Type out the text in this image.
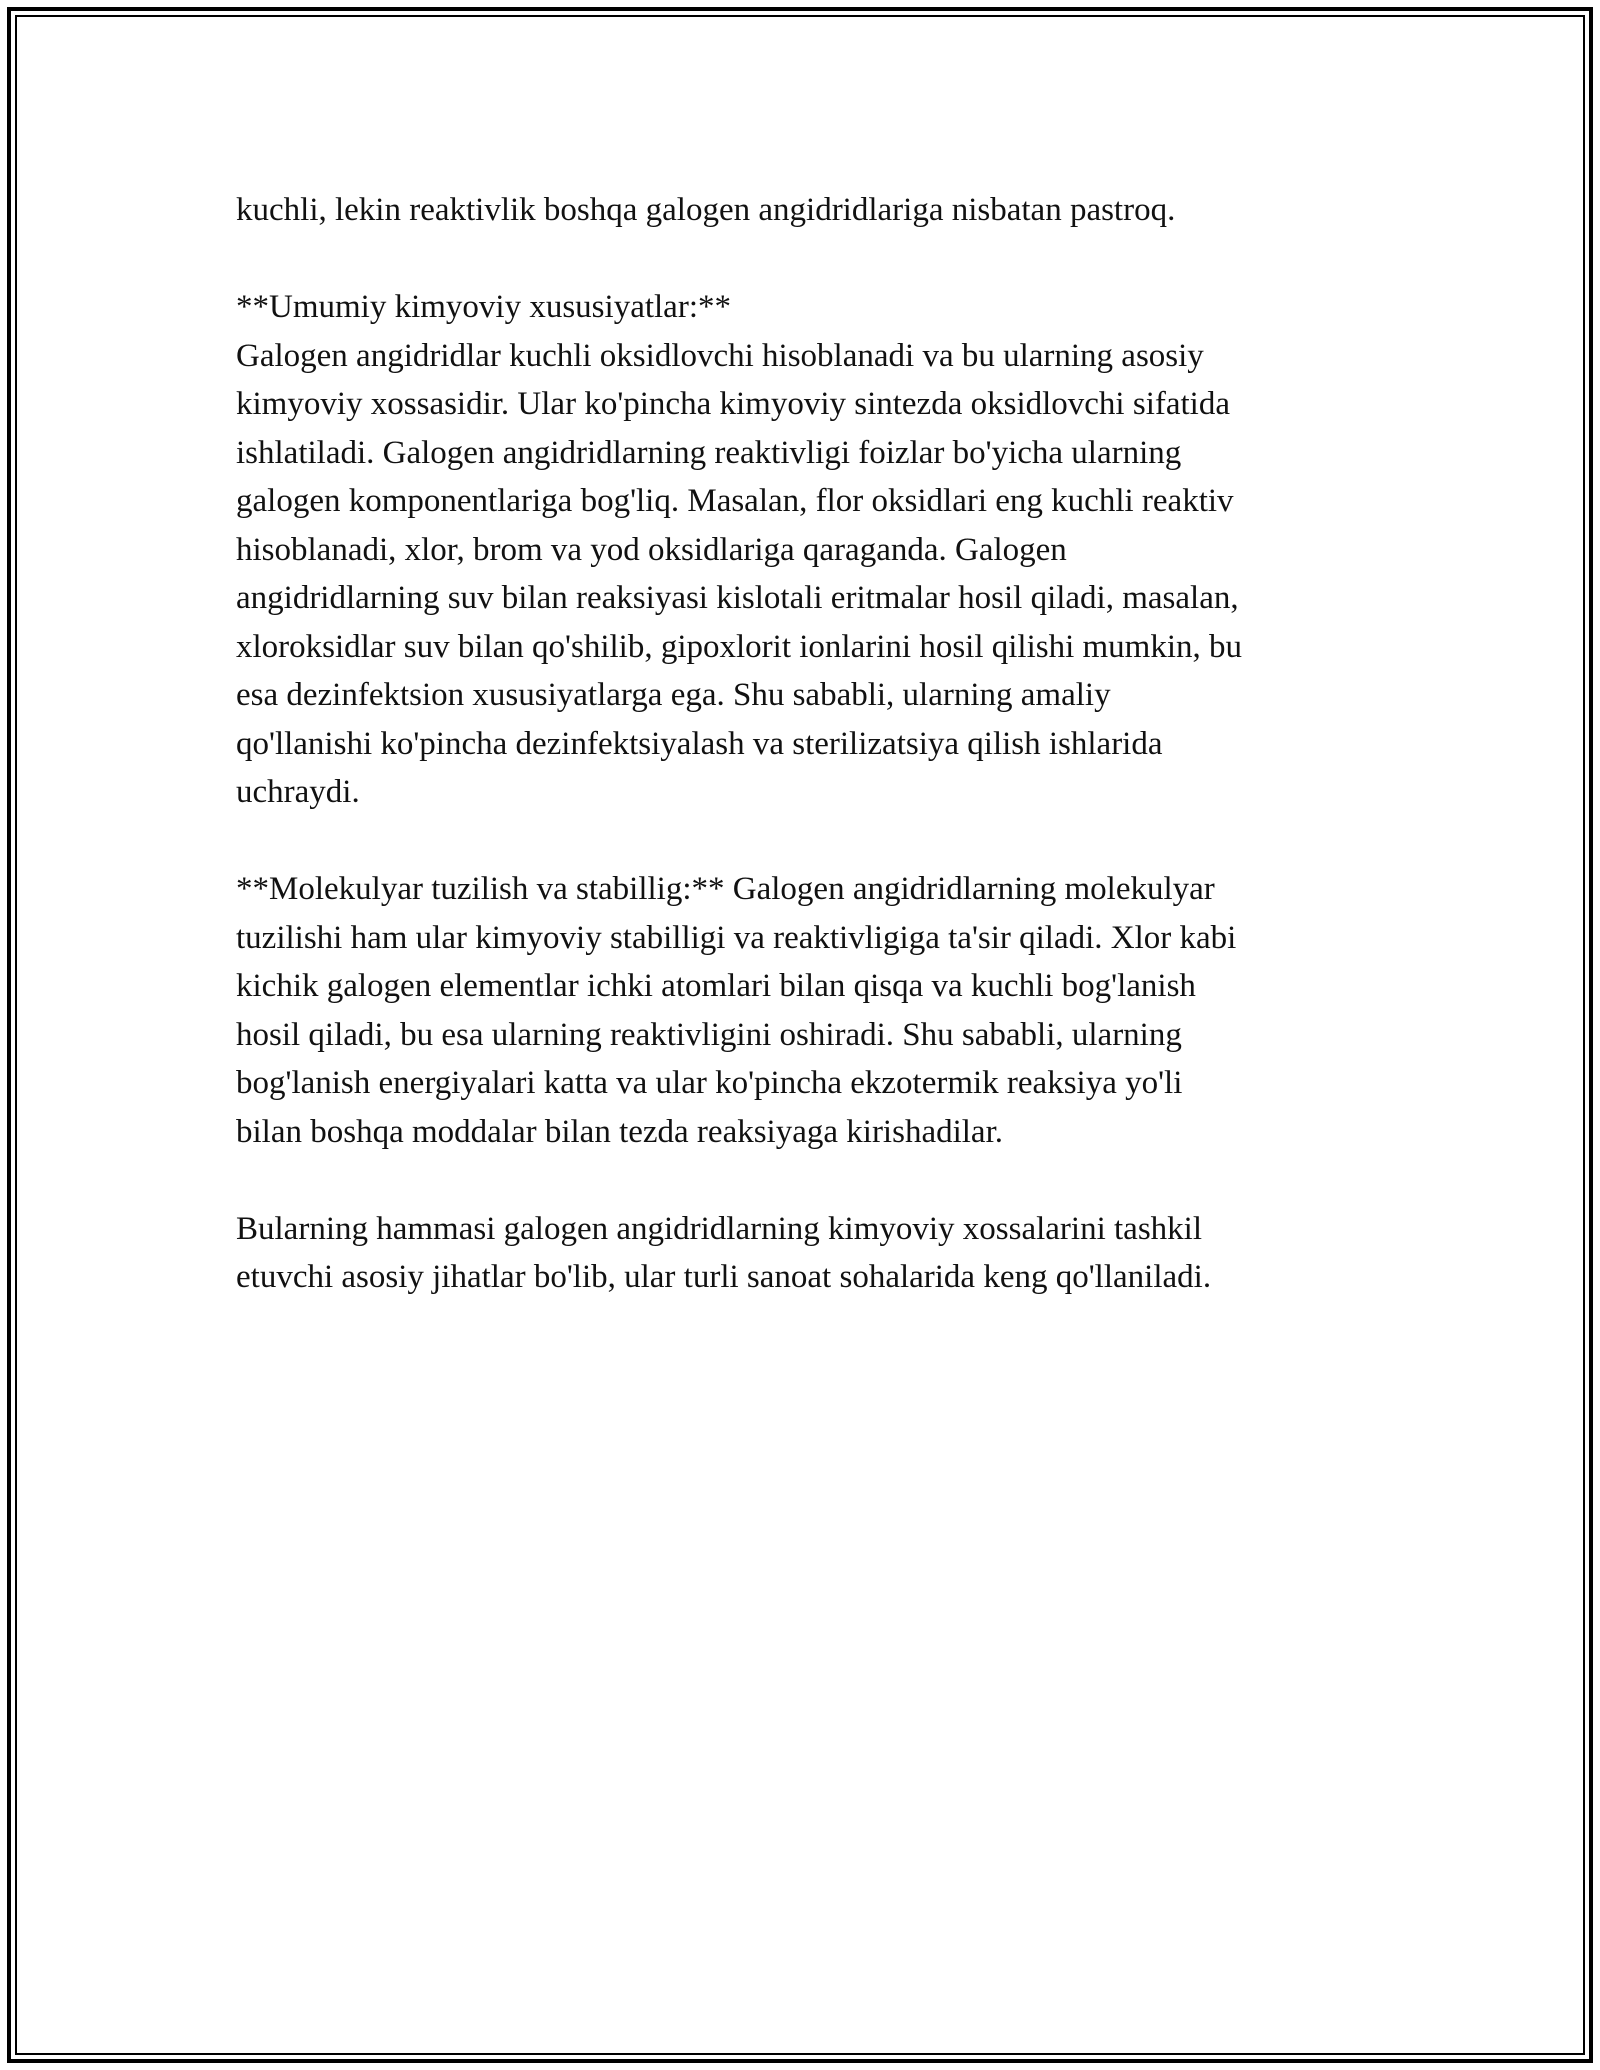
kuchli, lekin reaktivlik boshqa galogen angidridlariga nisbatan pastroq.

**Umumiy kimyoviy xususiyatlar:**
Galogen angidridlar kuchli oksidlovchi hisoblanadi va bu ularning asosiy
kimyoviy xossasidir. Ular ko'pincha kimyoviy sintezda oksidlovchi sifatida
ishlatiladi. Galogen angidridlarning reaktivligi foizlar bo'yicha ularning
galogen komponentlariga bog'liq. Masalan, flor oksidlari eng kuchli reaktiv
hisoblanadi, xlor, brom va yod oksidlariga qaraganda. Galogen
angidridlarning suv bilan reaksiyasi kislotali eritmalar hosil qiladi, masalan,
xloroksidlar suv bilan qo'shilib, gipoxlorit ionlarini hosil qilishi mumkin, bu
esa dezinfektsion xususiyatlarga ega. Shu sababli, ularning amaliy
qo'llanishi ko'pincha dezinfektsiyalash va sterilizatsiya qilish ishlarida
uchraydi.

**Molekulyar tuzilish va stabillig:** Galogen angidridlarning molekulyar
tuzilishi ham ular kimyoviy stabilligi va reaktivligiga ta'sir qiladi. Xlor kabi
kichik galogen elementlar ichki atomlari bilan qisqa va kuchli bog'lanish
hosil qiladi, bu esa ularning reaktivligini oshiradi. Shu sababli, ularning
bog'lanish energiyalari katta va ular ko'pincha ekzotermik reaksiya yo'li
bilan boshqa moddalar bilan tezda reaksiyaga kirishadilar.

Bularning hammasi galogen angidridlarning kimyoviy xossalarini tashkil
etuvchi asosiy jihatlar bo'lib, ular turli sanoat sohalarida keng qo'llaniladi.
